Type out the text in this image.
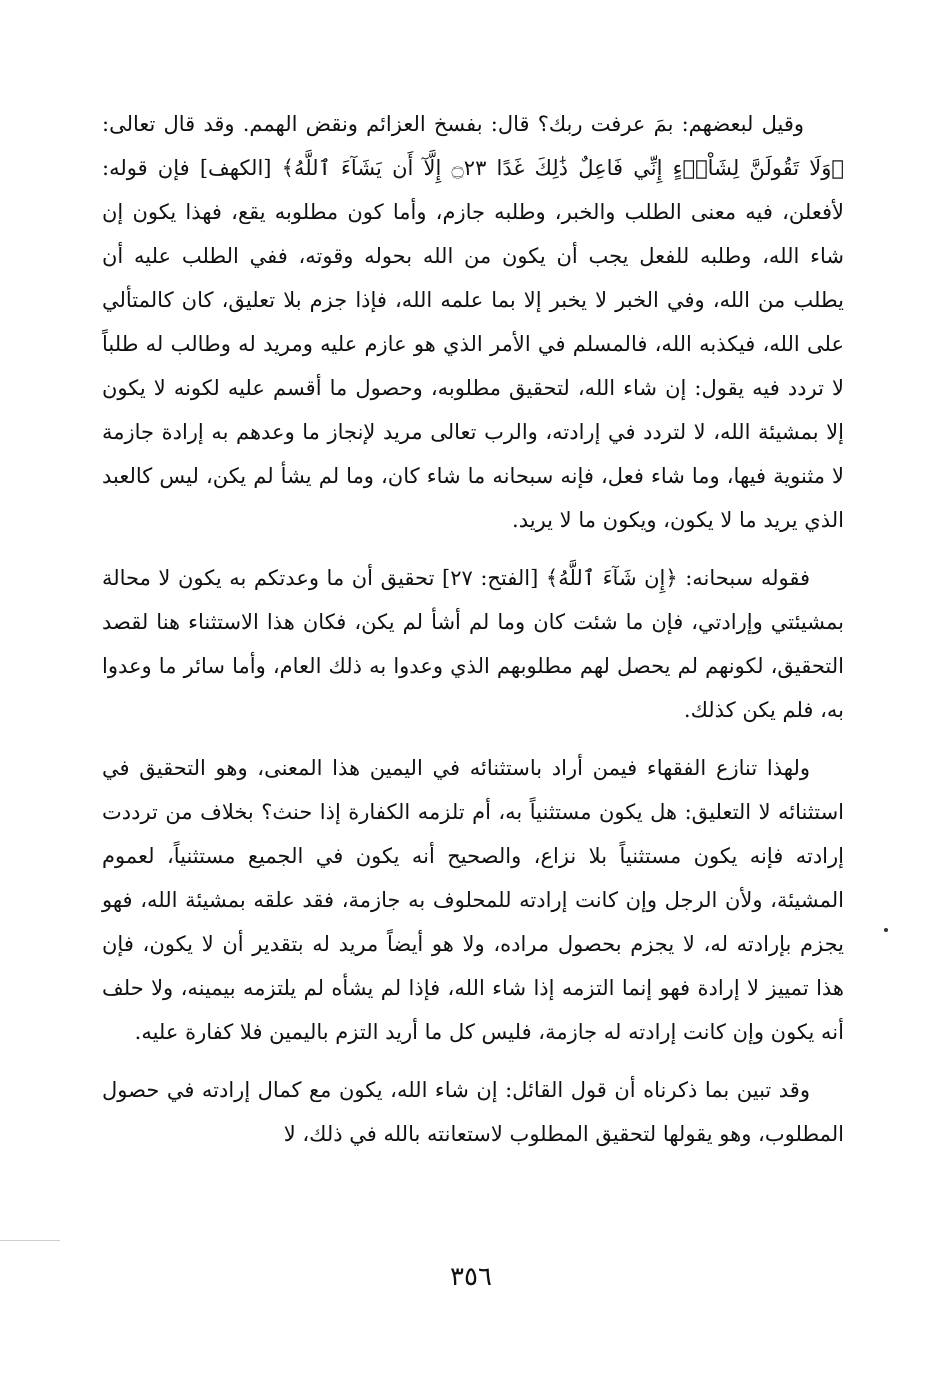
وقيل لبعضهم: بمَ عرفت ربك؟ قال: بفسخ العزائم ونقض الهمم. وقد قال تعالى: ﴿وَلَا تَقُولَنَّ لِشَاْىۡءٍ إِنِّي فَاعِلٌ ذَٰلِكَ غَدًا ۝٢٣ إِلَّآ أَن يَشَآءَ ٱللَّهُ﴾ [الكهف] فإن قوله: لأفعلن، فيه معنى الطلب والخبر، وطلبه جازم، وأما كون مطلوبه يقع، فهذا يكون إن شاء الله، وطلبه للفعل يجب أن يكون من الله بحوله وقوته، ففي الطلب عليه أن يطلب من الله، وفي الخبر لا يخبر إلا بما علمه الله، فإذا جزم بلا تعليق، كان كالمتألي على الله، فيكذبه الله، فالمسلم في الأمر الذي هو عازم عليه ومريد له وطالب له طلباً لا تردد فيه يقول: إن شاء الله، لتحقيق مطلوبه، وحصول ما أقسم عليه لكونه لا يكون إلا بمشيئة الله، لا لتردد في إرادته، والرب تعالى مريد لإنجاز ما وعدهم به إرادة جازمة لا مثنوية فيها، وما شاء فعل، فإنه سبحانه ما شاء كان، وما لم يشأ لم يكن، ليس كالعبد الذي يريد ما لا يكون، ويكون ما لا يريد.

فقوله سبحانه: ﴿إِن شَآءَ ٱللَّهُ﴾ [الفتح: ٢٧] تحقيق أن ما وعدتكم به يكون لا محالة بمشيئتي وإرادتي، فإن ما شئت كان وما لم أشأ لم يكن، فكان هذا الاستثناء هنا لقصد التحقيق، لكونهم لم يحصل لهم مطلوبهم الذي وعدوا به ذلك العام، وأما سائر ما وعدوا به، فلم يكن كذلك.

ولهذا تنازع الفقهاء فيمن أراد باستثنائه في اليمين هذا المعنى، وهو التحقيق في استثنائه لا التعليق: هل يكون مستثنياً به، أم تلزمه الكفارة إذا حنث؟ بخلاف من ترددت إرادته فإنه يكون مستثنياً بلا نزاع، والصحيح أنه يكون في الجميع مستثنياً، لعموم المشيئة، ولأن الرجل وإن كانت إرادته للمحلوف به جازمة، فقد علقه بمشيئة الله، فهو يجزم بإرادته له، لا يجزم بحصول مراده، ولا هو أيضاً مريد له بتقدير أن لا يكون، فإن هذا تمييز لا إرادة فهو إنما التزمه إذا شاء الله، فإذا لم يشأه لم يلتزمه بيمينه، ولا حلف أنه يكون وإن كانت إرادته له جازمة، فليس كل ما أريد التزم باليمين فلا كفارة عليه.

وقد تبين بما ذكرناه أن قول القائل: إن شاء الله، يكون مع كمال إرادته في حصول المطلوب، وهو يقولها لتحقيق المطلوب لاستعانته بالله في ذلك، لا

٣٥٦
